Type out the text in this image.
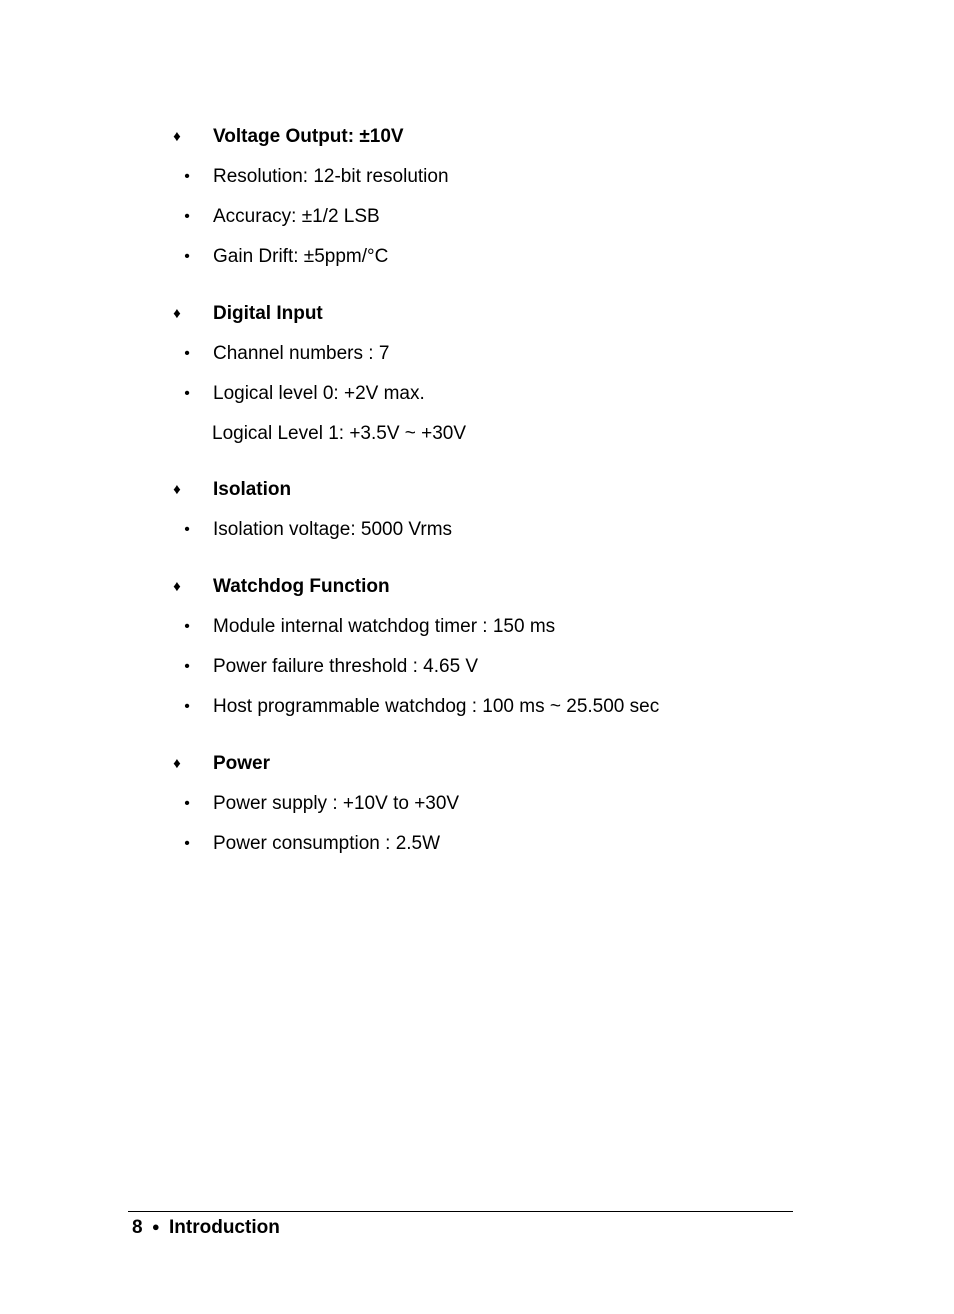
♦	Voltage Output: ±10V
•	Resolution: 12-bit resolution
•	Accuracy: ±1/2 LSB
•	Gain Drift: ±5ppm/°C
♦	Digital Input
•	Channel numbers : 7
•	Logical level 0: +2V max.
Logical Level 1: +3.5V ~ +30V
♦	Isolation
•	Isolation voltage: 5000 Vrms
♦	Watchdog Function
•	Module internal watchdog timer : 150 ms
•	Power failure threshold : 4.65 V
•	Host programmable watchdog : 100 ms ~ 25.500 sec
♦	Power
•	Power supply : +10V to +30V
•	Power consumption : 2.5W
8 ● Introduction
